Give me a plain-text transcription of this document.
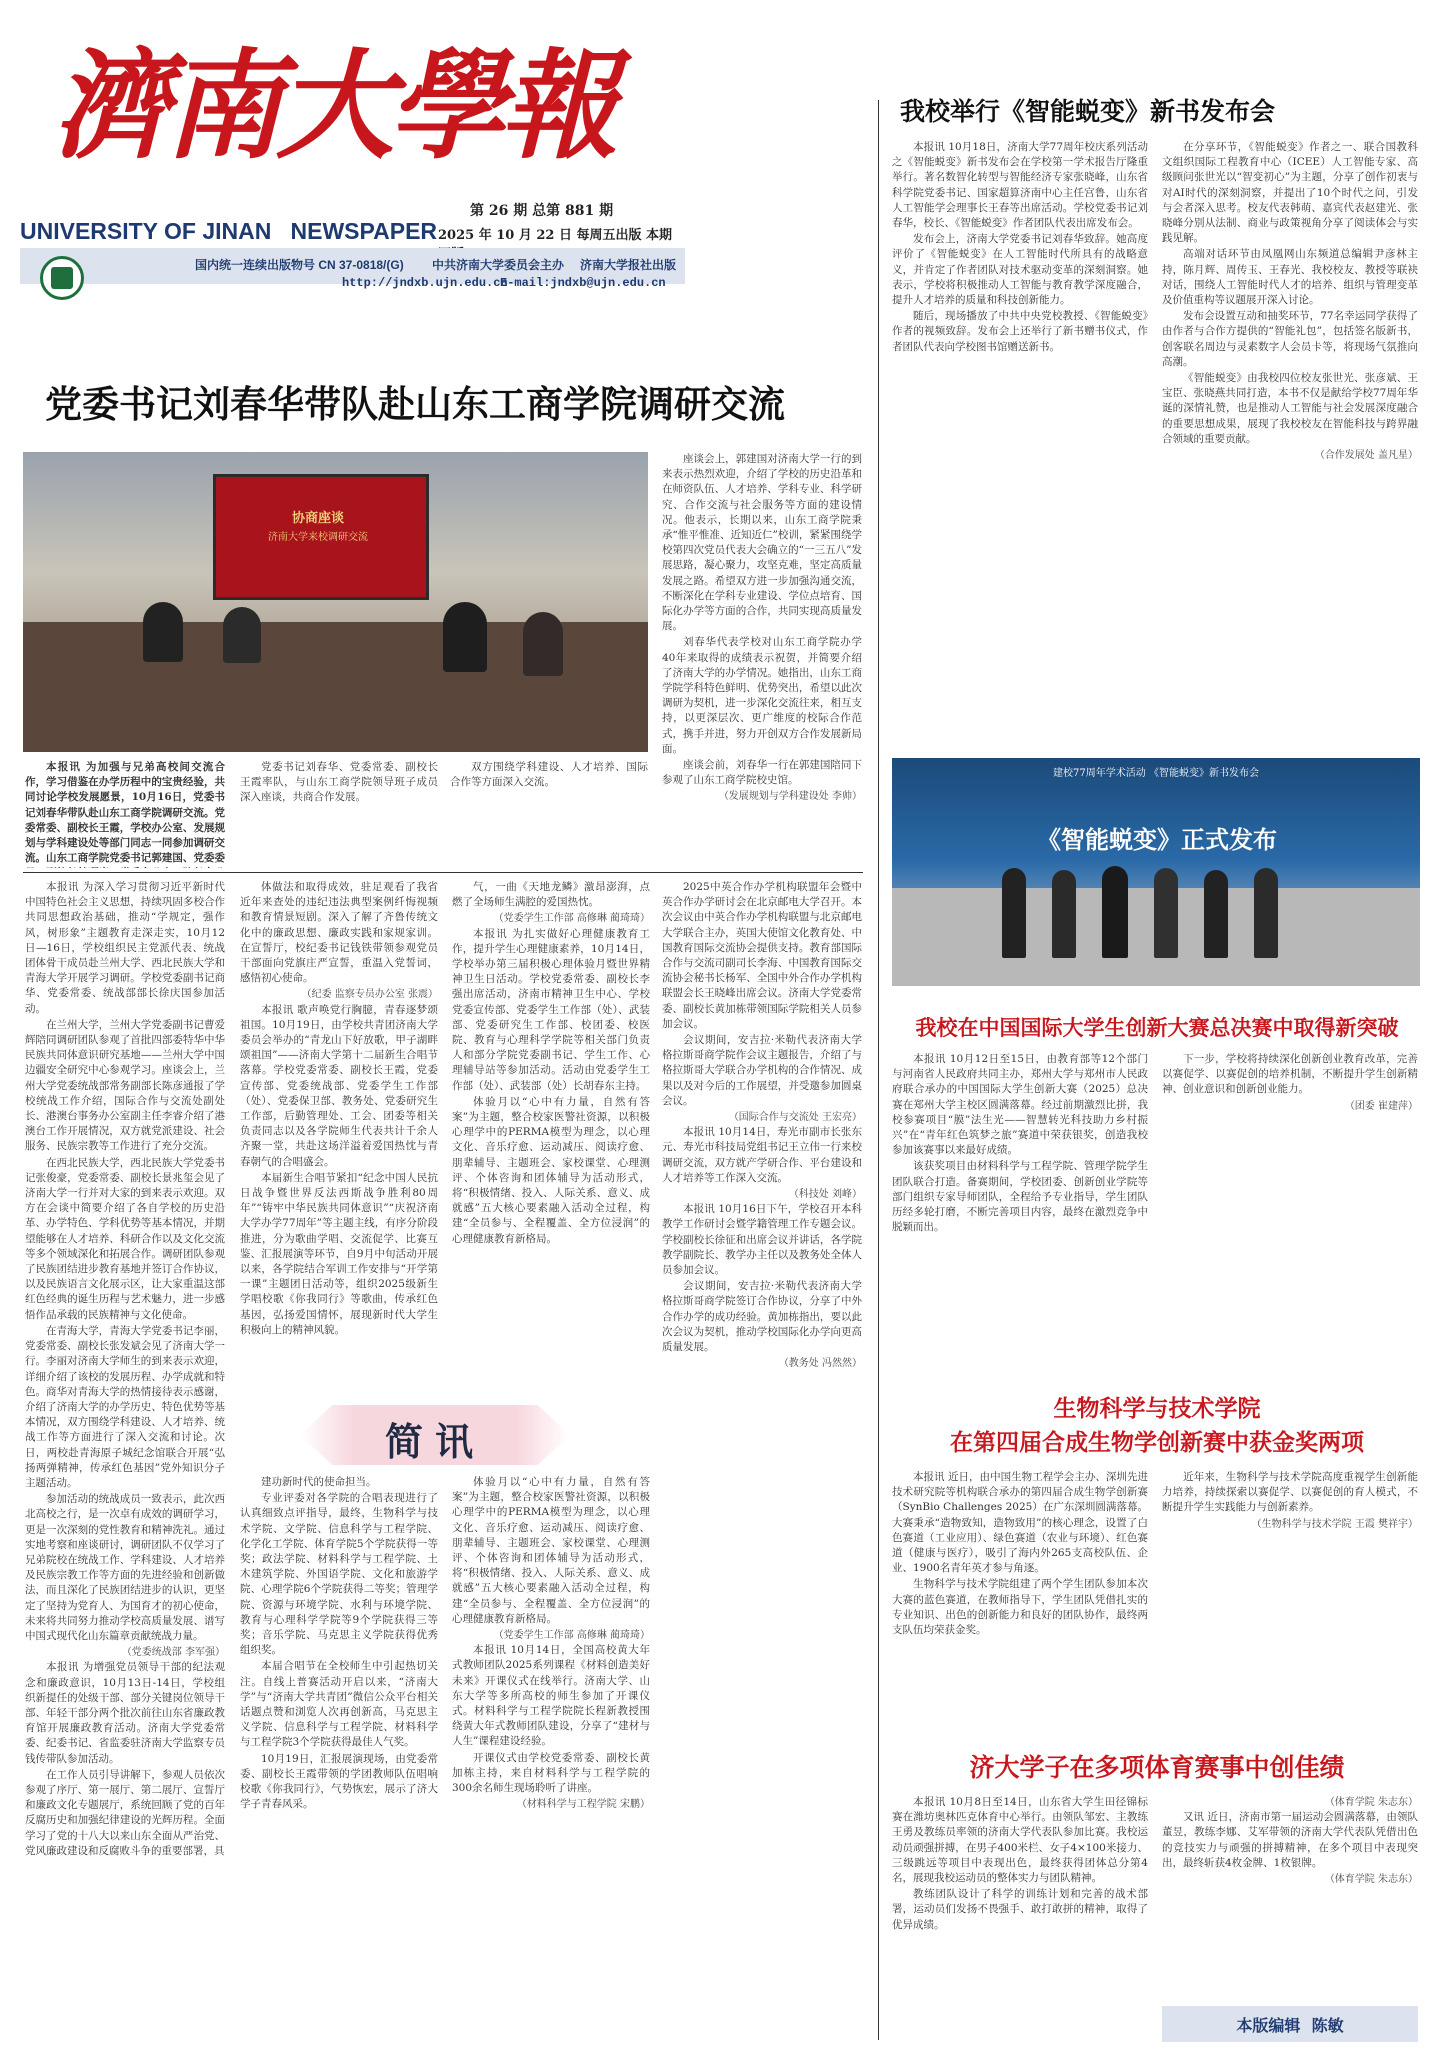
濟南大學報
第 26 期 总第 881 期
UNIVERSITY OF JINAN   NEWSPAPER 2025 年 10 月 22 日 每周五出版 本期
国内统一连续出版物号 CN 37-0818/(G) 中共济南大学委员会主办 济南大学报社出版
http://jndxb.ujn.edu.cn
E-mail:jndxb@ujn.edu.cn
党委书记刘春华带队赴山东工商学院调研交流
协商座谈
济南大学来校调研交流

本报讯 为加强与兄弟高校间交流合作，学习借鉴在办学历程中的宝贵经验，共同讨论学校发展愿景，10月16日，党委书记刘春华带队赴山东工商学院调研交流。党委常委、副校长王霞，学校办公室、发展规划与学科建设处等部门同志一同参加调研交流。山东工商学院党委书记郭建国、党委委

党委书记刘春华、党委常委、副校长王霞率队，与山东工商学院领导班子成员深入座谈，共商合作发展。

双方围绕学科建设、人才培养、国际合作等方面深入交流。

座谈会上，郭建国对济南大学一行的到来表示热烈欢迎，介绍了学校的历史沿革和在师资队伍、人才培养、学科专业、科学研究、合作交流与社会服务等方面的建设情况。他表示，长期以来，山东工商学院秉承“惟平惟准、近知近仁”校训，紧紧围绕学校第四次党员代表大会确立的“一三五八”发展思路，凝心聚力，攻坚克难，坚定高质量发展之路。希望双方进一步加强沟通交流，不断深化在学科专业建设、学位点培育、国际化办学等方面的合作，共同实现高质量发展。

刘春华代表学校对山东工商学院办学40年来取得的成绩表示祝贺，并简要介绍了济南大学的办学情况。她指出，山东工商学院学科特色鲜明、优势突出，希望以此次调研为契机，进一步深化交流往来，相互支持，以更深层次、更广维度的校际合作范式，携手并进，努力开创双方合作发展新局面。

座谈会前，刘春华一行在郭建国陪同下参观了山东工商学院校史馆。

（发展规划与学科建设处 李帅）

本报讯 为深入学习贯彻习近平新时代中国特色社会主义思想，持续巩固多校合作共同思想政治基础，推动“学规定，强作风，树形象”主题教育走深走实，10月12日—16日，学校组织民主党派代表、统战团体骨干成员赴兰州大学、西北民族大学和青海大学开展学习调研。学校党委副书记商华、党委常委、统战部部长徐庆国参加活动。

在兰州大学，兰州大学党委副书记曹爱辉陪同调研团队参观了首批四部委特华中华民族共同体意识研究基地——兰州大学中国边疆安全研究中心参观学习。座谈会上，兰州大学党委统战部常务副部长陈彦通报了学校统战工作介绍，国际合作与交流处副处长、港澳台事务办公室副主任李睿介绍了港澳台工作开展情况，双方就党派建设、社会服务、民族宗教等工作进行了充分交流。

在西北民族大学，西北民族大学党委书记张俊豪，党委常委、副校长景兆玺会见了济南大学一行并对大家的到来表示欢迎。双方在会谈中简要介绍了各自学校的历史沿革、办学特色、学科优势等基本情况，并期望能够在人才培养、科研合作以及文化交流等多个领域深化和拓展合作。调研团队参观了民族团结进步教育基地并签订合作协议，以及民族语言文化展示区，让大家重温这部红色经典的诞生历程与艺术魅力，进一步感悟作品承载的民族精神与文化使命。

在青海大学，青海大学党委书记李丽，党委常委、副校长张发斌会见了济南大学一行。李丽对济南大学师生的到来表示欢迎，详细介绍了该校的发展历程、办学成就和特色。商华对青海大学的热情接待表示感谢，介绍了济南大学的办学历史、特色优势等基本情况，双方围绕学科建设、人才培养、统战工作等方面进行了深入交流和讨论。次日，两校赴青海原子城纪念馆联合开展“弘扬两弹精神，传承红色基因”党外知识分子主题活动。

参加活动的统战成员一致表示，此次西北高校之行，是一次卓有成效的调研学习，更是一次深刻的党性教育和精神洗礼。通过实地考察和座谈研讨，调研团队不仅学习了兄弟院校在统战工作、学科建设、人才培养及民族宗教工作等方面的先进经验和创新做法，而且深化了民族团结进步的认识，更坚定了坚持为党育人、为国育才的初心使命，未来将共同努力推动学校高质量发展、谱写中国式现代化山东篇章贡献统战力量。

（党委统战部 李军强）

本报讯 为增强党员领导干部的纪法观念和廉政意识，10月13日-14日，学校组织新提任的处级干部、部分关键岗位领导干部、年轻干部分两个批次前往山东省廉政教育馆开展廉政教育活动。济南大学党委常委、纪委书记、省监委驻济南大学监察专员钱传带队参加活动。

在工作人员引导讲解下，参观人员依次参观了序厅、第一展厅、第二展厅、宣誓厅和廉政文化专题展厅，系统回顾了党的百年反腐历史和加强纪律建设的光辉历程。全面学习了党的十八大以来山东全面从严治党、党风廉政建设和反腐败斗争的重要部署，具

体做法和取得成效，驻足观看了我省近年来查处的违纪违法典型案例纤悔视频和教育情景短剧。深入了解了齐鲁传统文化中的廉政思想、廉政实践和家规家训。在宣誓厅，校纪委书记钱铁带领参观党员干部面向党旗庄严宣誓，重温入党誓词，感悟初心使命。

（纪委 监察专员办公室 张震）

本报讯 歌声唤党行胸臆，青春逐梦颂祖国。10月19日，由学校共青团济南大学委员会举办的“青龙山下好放歌，甲子湖畔颂祖国”——济南大学第十二届新生合唱节落幕。学校党委常委、副校长王霞，党委宣传部、党委统战部、党委学生工作部（处）、党委保卫部、教务处、党委研究生工作部，后勤管理处、工会、团委等相关负责同志以及各学院师生代表共计千余人齐聚一堂，共赴这场洋溢着爱国热忱与青春朝气的合唱盛会。

本届新生合唱节紧扣“纪念中国人民抗日战争暨世界反法西斯战争胜利80周年”“铸牢中华民族共同体意识”“庆祝济南大学办学77周年”等主题主线，有序分阶段推进，分为歌曲学唱、交流促学、比赛互鉴、汇报展演等环节，自9月中旬活动开展以来，各学院结合军训工作安排与“开学第一课”主题团日活动等，组织2025级新生学唱校歌《你我同行》等歌曲，传承红色基因，弘扬爱国情怀，展现新时代大学生积极向上的精神风貌。

气，一曲《天地龙鳞》激昂澎湃，点燃了全场师生满腔的爱国热忱。

（党委学生工作部 高修琳 蔺琦琦）

本报讯 为扎实做好心理健康教育工作，提升学生心理健康素养，10月14日，学校举办第三届积极心理体验月暨世界精神卫生日活动。学校党委常委、副校长李强出席活动，济南市精神卫生中心、学校党委宣传部、党委学生工作部（处）、武装部、党委研究生工作部、校团委、校医院、教育与心理科学学院等相关部门负责人和部分学院党委副书记、学生工作、心理辅导站等参加活动。活动由党委学生工作部（处）、武装部（处）长胡春东主持。

体验月以“心中有力量，自然有答案”为主题，整合校家医警社资源，以积极心理学中的PERMA模型为理念，以心理文化、音乐疗愈、运动减压、阅读疗愈、朋辈辅导、主题班会、家校课堂、心理测评、个体咨询和团体辅导为活动形式，将“积极情绪、投入、人际关系、意义、成就感”五大核心要素融入活动全过程，构建“全员参与、全程覆盖、全方位浸润”的心理健康教育新格局。

简讯

建功新时代的使命担当。

专业评委对各学院的合唱表现进行了认真细致点评指导，最终，生物科学与技术学院、文学院、信息科学与工程学院、化学化工学院、体育学院5个学院获得一等奖；政法学院、材料科学与工程学院、土木建筑学院、外国语学院、文化和旅游学院、心理学院6个学院获得二等奖；管理学院、资源与环境学院、水利与环境学院、教育与心理科学学院等9个学院获得三等奖；音乐学院、马克思主义学院获得优秀组织奖。

本届合唱节在全校师生中引起热切关注。自线上普赛活动开启以来，“济南大学”与“济南大学共青团”微信公众平台相关话题点赞和浏览人次再创新高，马克思主义学院、信息科学与工程学院、材料科学与工程学院3个学院获得最佳人气奖。

10月19日，汇报展演现场，由党委常委、副校长王霞带领的学团教师队伍唱响校歌《你我同行》，气势恢宏，展示了济大学子青春风采。

体验月以“心中有力量，自然有答案”为主题，整合校家医警社资源，以积极心理学中的PERMA模型为理念，以心理文化、音乐疗愈、运动减压、阅读疗愈、朋辈辅导、主题班会、家校课堂、心理测评、个体咨询和团体辅导为活动形式，将“积极情绪、投入、人际关系、意义、成就感”五大核心要素融入活动全过程，构建“全员参与、全程覆盖、全方位浸润”的心理健康教育新格局。

（党委学生工作部 高修琳 蔺琦琦）

本报讯 10月14日，全国高校黄大年式教师团队2025系列课程《材料创造美好未来》开课仪式在线举行。济南大学、山东大学等多所高校的师生参加了开课仪式。材料科学与工程学院院长程新教授围绕黄大年式教师团队建设，分享了“建材与人生”课程建设经验。

开课仪式由学校党委常委、副校长黄加栋主持，来自材料科学与工程学院的300余名师生现场聆听了讲座。

（材料科学与工程学院 宋鹏）

2025中英合作办学机构联盟年会暨中英合作办学研讨会在北京邮电大学召开。本次会议由中英合作办学机构联盟与北京邮电大学联合主办，英国大使馆文化教育处、中国教育国际交流协会提供支持。教育部国际合作与交流司副司长李海、中国教育国际交流协会秘书长杨军、全国中外合作办学机构联盟会长王晓峰出席会议。济南大学党委常委、副校长黄加栋带领国际学院相关人员参加会议。

会议期间，安吉拉·米勒代表济南大学格拉斯哥商学院作会议主题报告，介绍了与格拉斯哥大学联合办学机构的合作情况、成果以及对今后的工作展望，并受邀参加圆桌会议。

（国际合作与交流处 王宏亮）

本报讯 10月14日，寿光市副市长张东元、寿光市科技局党组书记王立伟一行来校调研交流，双方就产学研合作、平台建设和人才培养等工作深入交流。

（科技处 刘峰）

本报讯 10月16日下午，学校召开本科教学工作研讨会暨学籍管理工作专题会议。学校副校长徐征和出席会议并讲话，各学院教学副院长、教学办主任以及教务处全体人员参加会议。

会议期间，安吉拉·米勒代表济南大学格拉斯哥商学院签订合作协议，分享了中外合作办学的成功经验。黄加栋指出，要以此次会议为契机，推动学校国际化办学向更高质量发展。

（教务处 冯然然）
我校举行《智能蜕变》新书发布会

本报讯 10月18日，济南大学77周年校庆系列活动之《智能蜕变》新书发布会在学校第一学术报告厅隆重举行。著名数智化转型与智能经济专家张晓峰，山东省科学院党委书记、国家超算济南中心主任宫鲁，山东省人工智能学会理事长王春等出席活动。学校党委书记刘春华，校长、《智能蜕变》作者团队代表出席发布会。

发布会上，济南大学党委书记刘春华致辞。她高度评价了《智能蜕变》在人工智能时代所具有的战略意义，并肯定了作者团队对技术驱动变革的深刻洞察。她表示，学校将积极推动人工智能与教育教学深度融合，提升人才培养的质量和科技创新能力。

随后，现场播放了中共中央党校教授、《智能蜕变》作者的视频致辞。发布会上还举行了新书赠书仪式，作者团队代表向学校图书馆赠送新书。

在分享环节，《智能蜕变》作者之一、联合国教科文组织国际工程教育中心（ICEE）人工智能专家、高级顾问张世光以“智变初心”为主题，分享了创作初衷与对AI时代的深刻洞察，并提出了10个时代之问，引发与会者深入思考。校友代表韩萌、嘉宾代表赵建光、张晓峰分别从法制、商业与政策视角分享了阅读体会与实践见解。

高端对话环节由凤凰网山东频道总编辑尹彦林主持，陈月辉、周传玉、王春光、我校校友、教授等联袂对话，围绕人工智能时代人才的培养、组织与管理变革及价值重构等议题展开深入讨论。

发布会设置互动和抽奖环节，77名幸运同学获得了由作者与合作方提供的“智能礼包”，包括签名版新书，创客联名周边与灵素数字人会员卡等，将现场气氛推向高潮。

《智能蜕变》由我校四位校友张世光、张彦斌、王宝臣、张晓燕共同打造，本书不仅是献给学校77周年华诞的深情礼赞，也是推动人工智能与社会发展深度融合的重要思想成果，展现了我校校友在智能科技与跨界融合领域的重要贡献。

（合作发展处 盖凡星）
建校77周年学术活动 《智能蜕变》新书发布会
《智能蜕变》正式发布
我校在中国国际大学生创新大赛总决赛中取得新突破

本报讯 10月12日至15日，由教育部等12个部门与河南省人民政府共同主办，郑州大学与郑州市人民政府联合承办的中国国际大学生创新大赛（2025）总决赛在郑州大学主校区圆满落幕。经过前期激烈比拼，我校参赛项目“膜”法生光——智慧转光科技助力乡村振兴”在“青年红色筑梦之旅”赛道中荣获银奖，创造我校参加该赛事以来最好成绩。

该获奖项目由材料科学与工程学院、管理学院学生团队联合打造。备赛期间，学校团委、创新创业学院等部门组织专家导师团队，全程给予专业指导，学生团队历经多轮打磨，不断完善项目内容，最终在激烈竞争中脱颖而出。

下一步，学校将持续深化创新创业教育改革，完善以赛促学、以赛促创的培养机制，不断提升学生创新精神、创业意识和创新创业能力。

（团委 崔建萍）
生物科学与技术学院
在第四届合成生物学创新赛中获金奖两项

本报讯 近日，由中国生物工程学会主办、深圳先进技术研究院等机构联合承办的第四届合成生物学创新赛（SynBio Challenges 2025）在广东深圳圆满落幕。大赛秉承“造物致知，造物致用”的核心理念，设置了白色赛道（工业应用）、绿色赛道（农业与环境）、红色赛道（健康与医疗），吸引了海内外265支高校队伍、企业、1900名青年英才参与角逐。

生物科学与技术学院组建了两个学生团队参加本次大赛的蓝色赛道，在教师指导下，学生团队凭借扎实的专业知识、出色的创新能力和良好的团队协作，最终两支队伍均荣获金奖。

近年来，生物科学与技术学院高度重视学生创新能力培养，持续探索以赛促学、以赛促创的育人模式，不断提升学生实践能力与创新素养。

（生物科学与技术学院 王霞 樊祥宇）
济大学子在多项体育赛事中创佳绩

本报讯 10月8日至14日，山东省大学生田径锦标赛在潍坊奥林匹克体育中心举行。由领队邹宏、主教练王勇及教练员率领的济南大学代表队参加比赛。我校运动员顽强拼搏，在男子400米栏、女子4×100米接力、三级跳远等项目中表现出色，最终获得团体总分第4名，展现我校运动员的整体实力与团队精神。

教练团队设计了科学的训练计划和完善的战术部署，运动员们发扬不畏强手、敢打敢拼的精神，取得了优异成绩。

（体育学院 朱志东）

又讯 近日，济南市第一届运动会圆满落幕，由领队董昱，教练李娜、艾军带领的济南大学代表队凭借出色的竞技实力与顽强的拼搏精神，在多个项目中表现突出，最终斩获4枚金牌、1枚银牌。

（体育学院 朱志东）
本版编辑  陈敏
